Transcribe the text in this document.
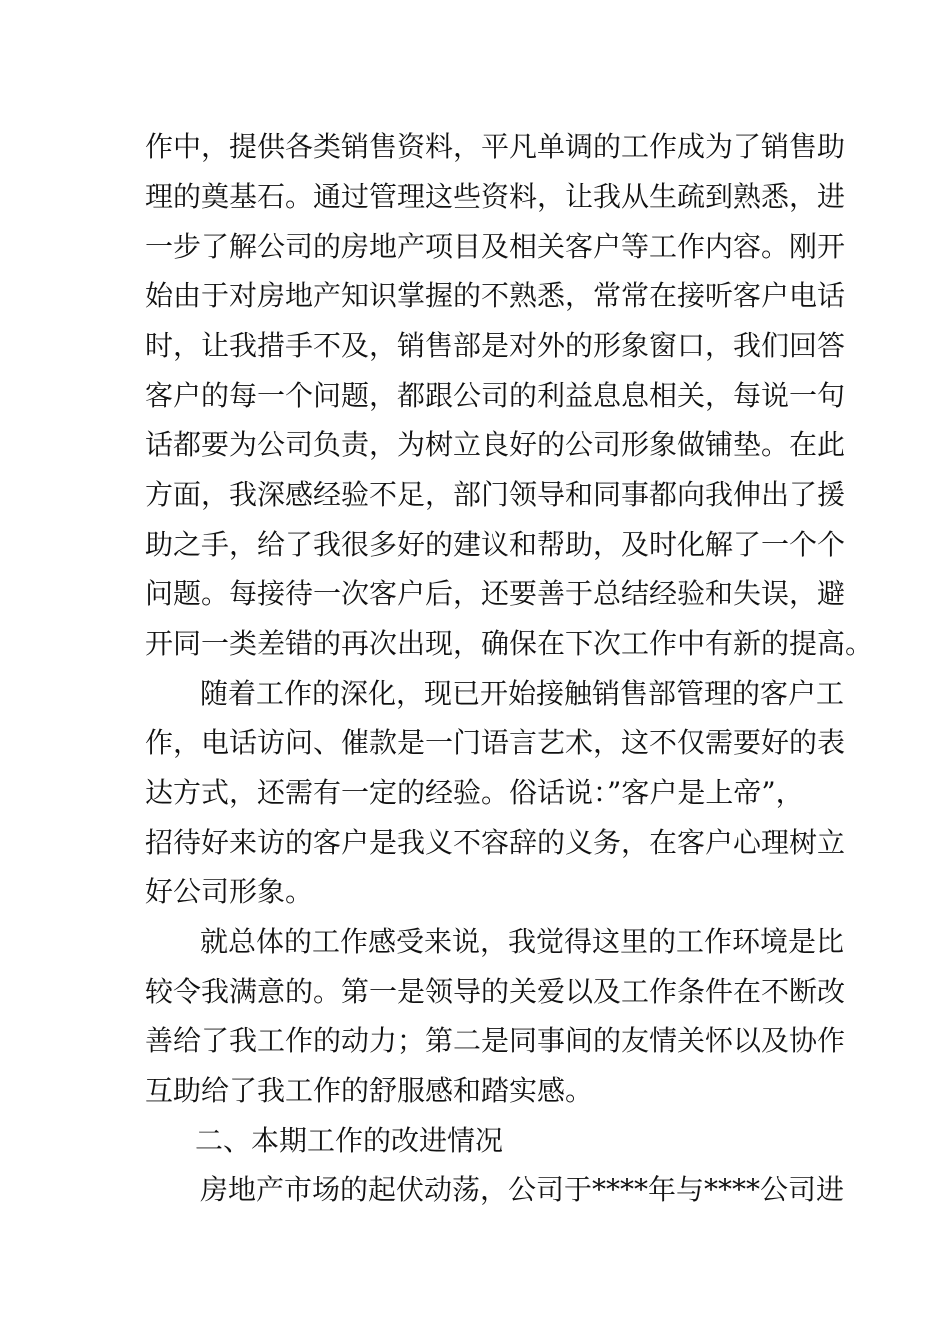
作中，提供各类销售资料，平凡单调的工作成为了销售助
理的奠基石。通过管理这些资料，让我从生疏到熟悉，进
一步了解公司的房地产项目及相关客户等工作内容。刚开
始由于对房地产知识掌握的不熟悉，常常在接听客户电话
时，让我措手不及，销售部是对外的形象窗口，我们回答
客户的每一个问题，都跟公司的利益息息相关，每说一句
话都要为公司负责，为树立良好的公司形象做铺垫。在此
方面，我深感经验不足，部门领导和同事都向我伸出了援
助之手，给了我很多好的建议和帮助，及时化解了一个个
问题。每接待一次客户后，还要善于总结经验和失误，避
开同一类差错的再次出现，确保在下次工作中有新的提高。
随着工作的深化，现已开始接触销售部管理的客户工
作，电话访问、催款是一门语言艺术，这不仅需要好的表
达方式，还需有一定的经验。俗话说：”客户是上帝”，
招待好来访的客户是我义不容辞的义务，在客户心理树立
好公司形象。
就总体的工作感受来说，我觉得这里的工作环境是比
较令我满意的。第一是领导的关爱以及工作条件在不断改
善给了我工作的动力；第二是同事间的友情关怀以及协作
互助给了我工作的舒服感和踏实感。
二、本期工作的改进情况
房地产市场的起伏动荡，公司于****年与****公司进
